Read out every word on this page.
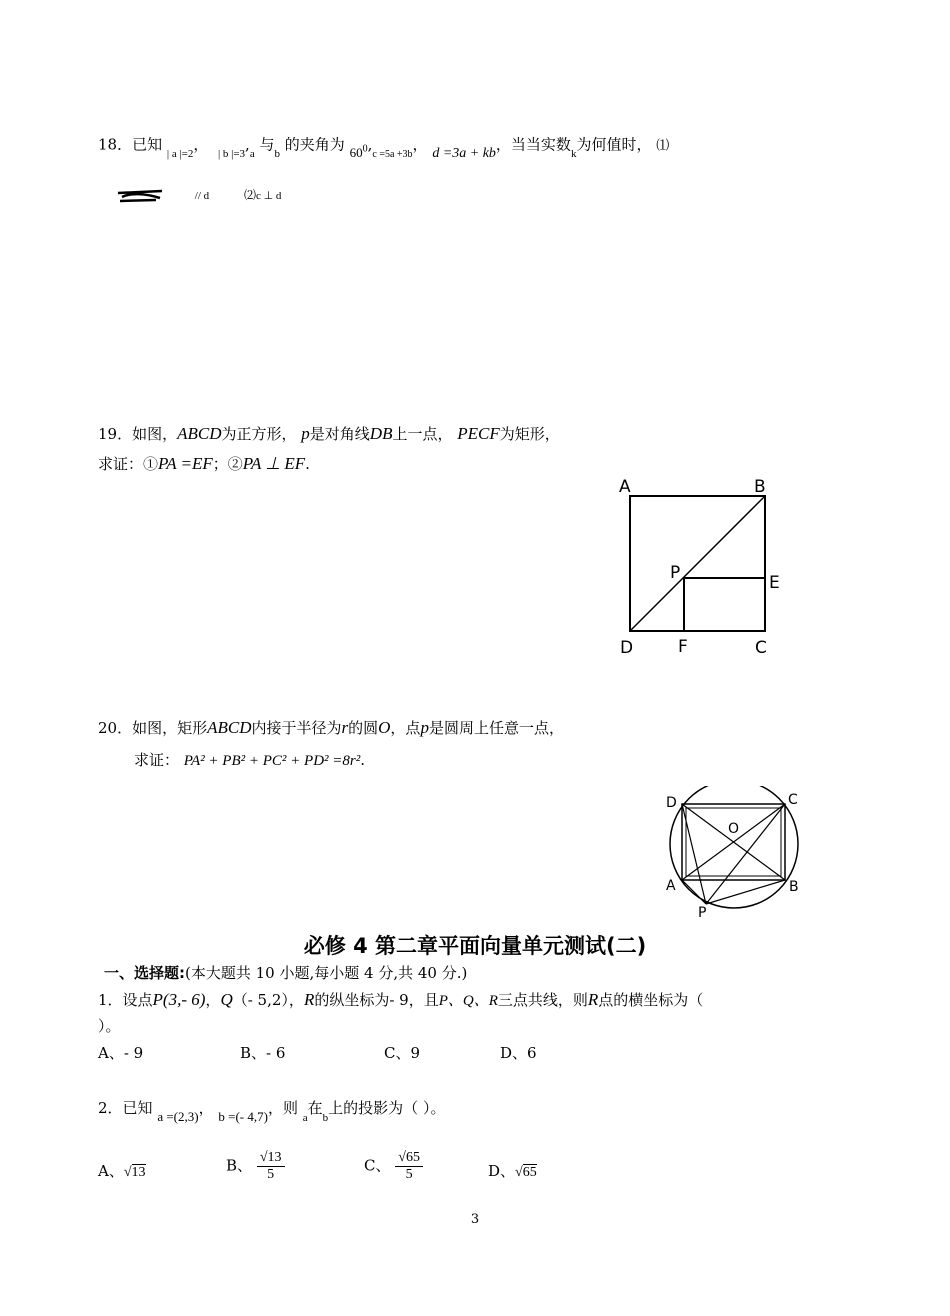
18．已知 $_{| a |=2}$，  $_{| b |=3},_a$ 与$_b$ 的夹角为 $60^0,_{c =5a +3b}$， d =3a + kb，当当实数$_k$为何值时， ⑴
// d	⑵c ⊥ d
19．如图，ABCD为正方形， p是对角线DB上一点， PECF为矩形，
求证：①PA =EF；②PA ⊥ EF.
A	B
C
D
E
F
P
20．如图，矩形ABCD内接于半径为r的圆O，点p是圆周上任意一点，
求证： PA² + PB² + PC² + PD² =8r².
D	C
O
A	B
P
必修 4 第二章平面向量单元测试(二)
一、选择题:(本大题共 10 小题,每小题 4 分,共 40 分.)
1．设点P(3,- 6)，Q（- 5,2），R的纵坐标为- 9，且P、Q、R三点共线，则R点的横坐标为（
）。
A、- 9	B、- 6	C、9	D、6
2．已知 a =(2,3)， b =(- 4,7)，则 $_a$在$_b$上的投影为（ ）。
A、√13	B、 $\frac{√13}{5}$	C、 $\frac{√65}{5}$	D、√65
3
